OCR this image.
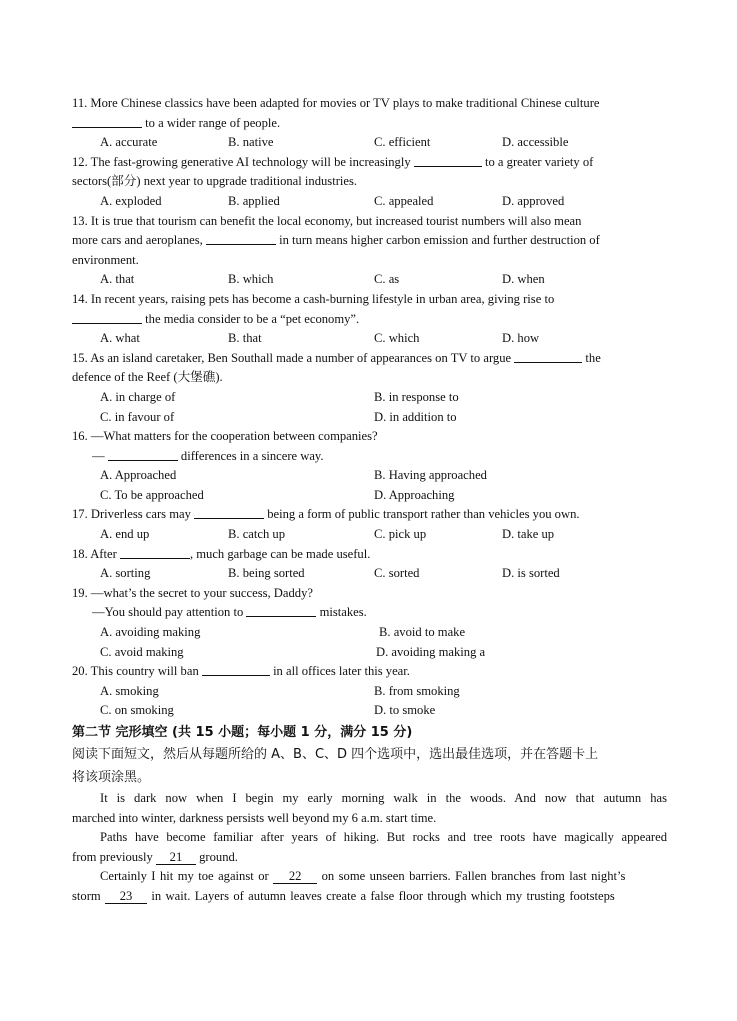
11. More Chinese classics have been adapted for movies or TV plays to make traditional Chinese culture
to a wider range of people.
A. accurate	B. native	C. efficient	D. accessible
12. The fast-growing generative AI technology will be increasingly	to a greater variety of
sectors(部分) next year to upgrade traditional industries.
A. exploded	B. applied	C. appealed	D. approved
13. It is true that tourism can benefit the local economy, but increased tourist numbers will also mean
more cars and aeroplanes,	in turn means higher carbon emission and further destruction of
environment.
A. that	B. which	C. as	D. when
14. In recent years, raising pets has become a cash-burning lifestyle in urban area, giving rise to
the media consider to be a “pet economy”.
A. what	B. that	C. which	D. how
15. As an island caretaker, Ben Southall made a number of appearances on TV to argue	the
defence of the Reef (大堡礁).
A. in charge of	B. in response to
C. in favour of	D. in addition to
16. —What matters for the cooperation between companies?
—	differences in a sincere way.
A. Approached	B. Having approached
C. To be approached	D. Approaching
17. Driverless cars may	being a form of public transport rather than vehicles you own.
A. end up	B. catch up	C. pick up	D. take up
18. After	, much garbage can be made useful.
A. sorting	B. being sorted	C. sorted	D. is sorted
19. —what’s the secret to your success, Daddy?
—You should pay attention to	mistakes.
A. avoiding making	B. avoid to make
C. avoid making	D. avoiding making a
20. This country will ban	in all offices later this year.
A. smoking	B. from smoking
C. on smoking	D. to smoke
第二节 完形填空 (共 15 小题；每小题 1 分，满分 15 分)
阅读下面短文，然后从每题所给的 A、B、C、D 四个选项中，选出最佳选项，并在答题卡上
将该项涂黑。
It is dark now when I begin my early morning walk in the woods. And now that autumn has
marched into winter, darkness persists well beyond my 6 a.m. start time.
Paths have become familiar after years of hiking. But rocks and tree roots have magically appeared
from previously 21 ground.
Certainly I hit my toe against or 22 on some unseen barriers. Fallen branches from last night’s
storm 23 in wait. Layers of autumn leaves create a false floor through which my trusting footsteps
